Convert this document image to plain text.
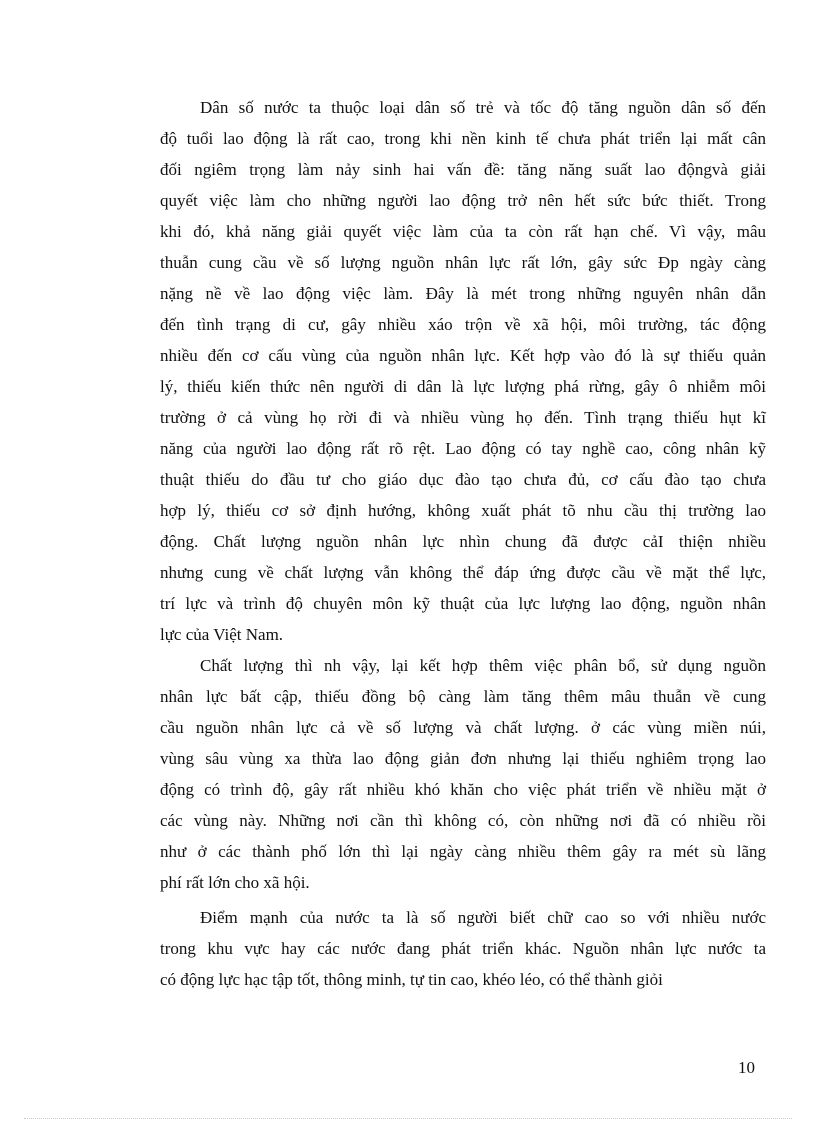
Dân số nước ta thuộc loại dân số trẻ và tốc độ tăng nguồn dân số đến
độ tuổi lao động là rất cao, trong khi nền kinh tế chưa phát triển lại mất cân
đối ngiêm trọng làm nảy sinh hai vấn đề: tăng năng suất lao độngvà giải
quyết việc làm cho những người lao động trở nên hết sức bức thiết. Trong
khi đó, khả năng giải quyết việc làm của ta còn rất hạn chế. Vì vậy, mâu
thuẫn cung cầu về số lượng nguồn nhân lực rất lớn, gây sức Ðp ngày càng
nặng nề về lao động việc làm. Đây là mét trong những nguyên nhân dẫn
đến tình trạng di cư, gây nhiều xáo trộn về xã hội, môi trường, tác động
nhiều đến cơ cấu vùng của nguồn nhân lực. Kết hợp vào đó là sự thiếu quản
lý, thiếu kiến thức nên người di dân là lực lượng phá rừng, gây ô nhiễm môi
trường ở cả vùng họ rời đi và nhiều vùng họ đến. Tình trạng thiếu hụt kĩ
năng của người lao động rất rõ rệt. Lao động có tay nghề cao, công nhân kỹ
thuật thiếu do đầu tư cho giáo dục đào tạo chưa đủ, cơ cấu đào tạo chưa
hợp lý, thiếu cơ sở định hướng, không xuất phát tõ nhu cầu thị trường lao
động. Chất lượng nguồn nhân lực nhìn chung đã được cảI thiện nhiều
nhưng cung về chất lượng vẫn không thể đáp ứng được cầu về mặt thể lực,
trí lực và trình độ chuyên môn kỹ thuật của lực lượng lao động, nguồn nhân
lực của Việt Nam.
Chất lượng thì nh vậy, lại kết hợp thêm việc phân bổ, sử dụng nguồn
nhân lực bất cập, thiếu đồng bộ càng làm tăng thêm mâu thuẫn về cung
cầu nguồn nhân lực cả về số lượng và chất lượng. ở các vùng miền núi,
vùng sâu vùng xa thừa lao động giản đơn nhưng lại thiếu nghiêm trọng lao
động có trình độ, gây rất nhiều khó khăn cho việc phát triển về nhiều mặt ở
các vùng này. Những nơi cần thì không có, còn những nơi đã có nhiều rồi
như ở các thành phố lớn thì lại ngày càng nhiều thêm gây ra mét sù lãng
phí rất lớn cho xã hội.
Điểm mạnh của nước ta là số người biết chữ cao so với nhiều nước
trong khu vực hay các nước đang phát triển khác. Nguồn nhân lực nước ta
có động lực hạc tập tốt, thông minh, tự tin cao, khéo léo, có thể thành giỏi
10
